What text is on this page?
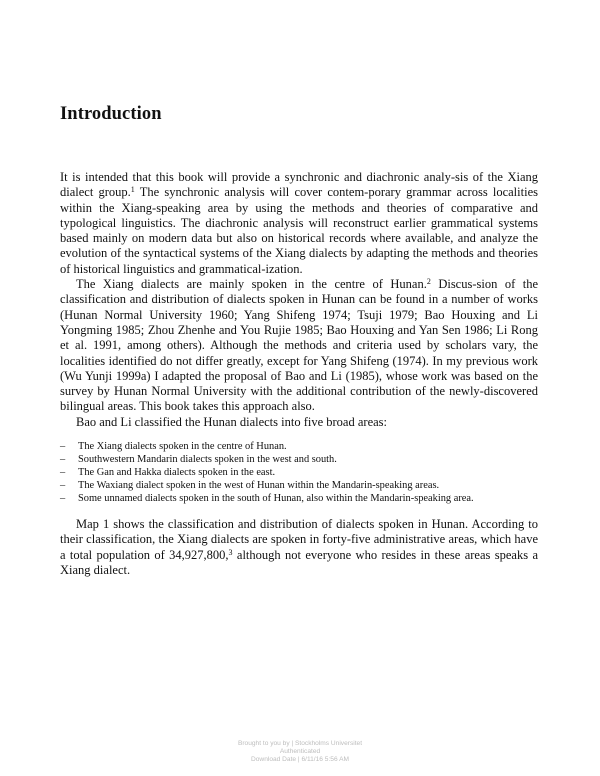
Introduction

It is intended that this book will provide a synchronic and diachronic analy-sis of the Xiang dialect group.$^1$ The synchronic analysis will cover contem-porary grammar across localities within the Xiang-speaking area by using the methods and theories of comparative and typological linguistics. The diachronic analysis will reconstruct earlier grammatical systems based mainly on modern data but also on historical records where available, and analyze the evolution of the syntactical systems of the Xiang dialects by adapting the methods and theories of historical linguistics and grammatical-ization.

The Xiang dialects are mainly spoken in the centre of Hunan.$^2$ Discus-sion of the classification and distribution of dialects spoken in Hunan can be found in a number of works (Hunan Normal University 1960; Yang Shifeng 1974; Tsuji 1979; Bao Houxing and Li Yongming 1985; Zhou Zhenhe and You Rujie 1985; Bao Houxing and Yan Sen 1986; Li Rong et al. 1991, among others). Although the methods and criteria used by scholars vary, the localities identified do not differ greatly, except for Yang Shifeng (1974). In my previous work (Wu Yunji 1999a) I adapted the proposal of Bao and Li (1985), whose work was based on the survey by Hunan Normal University with the additional contribution of the newly-discovered bilingual areas. This book takes this approach also.

Bao and Li classified the Hunan dialects into five broad areas:

– The Xiang dialects spoken in the centre of Hunan.
– Southwestern Mandarin dialects spoken in the west and south.
– The Gan and Hakka dialects spoken in the east.
– The Waxiang dialect spoken in the west of Hunan within the Mandarin-speaking areas.
– Some unnamed dialects spoken in the south of Hunan, also within the Mandarin-speaking area.

Map 1 shows the classification and distribution of dialects spoken in Hunan. According to their classification, the Xiang dialects are spoken in forty-five administrative areas, which have a total population of 34,927,800,$^3$ although not everyone who resides in these areas speaks a Xiang dialect.

Brought to you by | Stockholms Universitet
Authenticated
Download Date | 6/11/16 5:56 AM
